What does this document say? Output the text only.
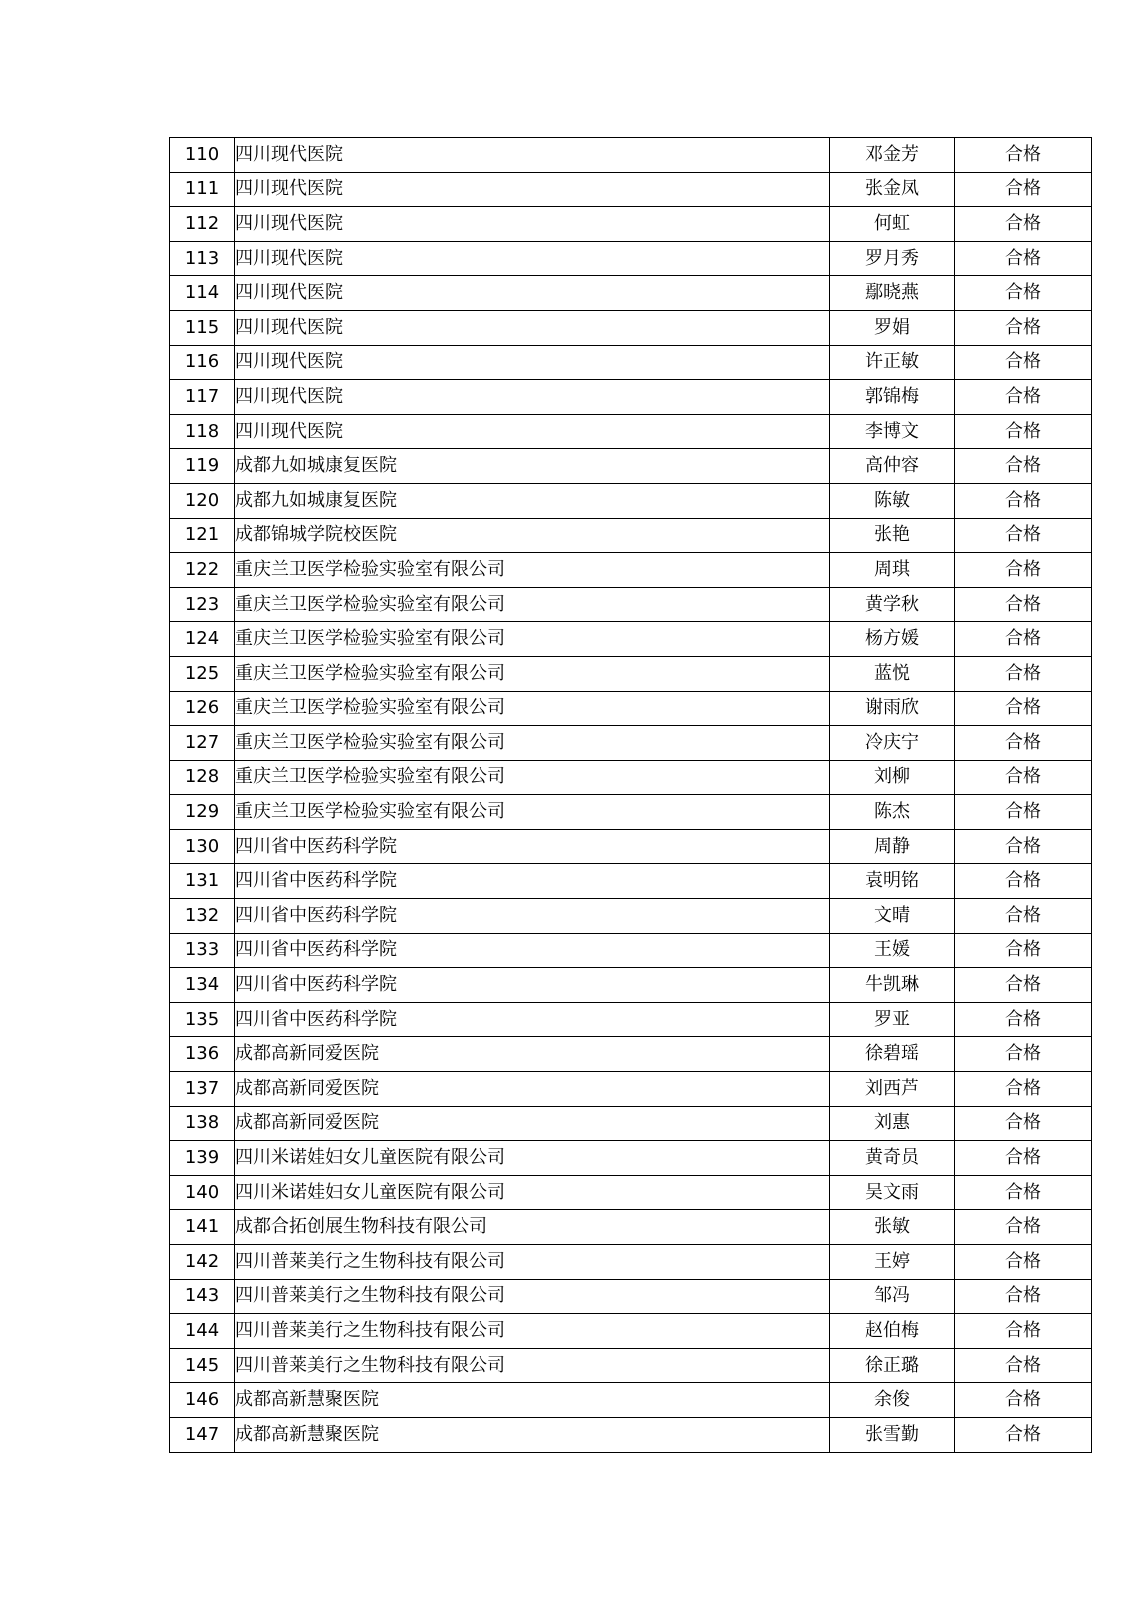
110	四川现代医院	邓金芳	合格
111	四川现代医院	张金凤	合格
112	四川现代医院	何虹	合格
113	四川现代医院	罗月秀	合格
114	四川现代医院	鄢晓燕	合格
115	四川现代医院	罗娟	合格
116	四川现代医院	许正敏	合格
117	四川现代医院	郭锦梅	合格
118	四川现代医院	李博文	合格
119	成都九如城康复医院	高仲容	合格
120	成都九如城康复医院	陈敏	合格
121	成都锦城学院校医院	张艳	合格
122	重庆兰卫医学检验实验室有限公司	周琪	合格
123	重庆兰卫医学检验实验室有限公司	黄学秋	合格
124	重庆兰卫医学检验实验室有限公司	杨方媛	合格
125	重庆兰卫医学检验实验室有限公司	蓝悦	合格
126	重庆兰卫医学检验实验室有限公司	谢雨欣	合格
127	重庆兰卫医学检验实验室有限公司	冷庆宁	合格
128	重庆兰卫医学检验实验室有限公司	刘柳	合格
129	重庆兰卫医学检验实验室有限公司	陈杰	合格
130	四川省中医药科学院	周静	合格
131	四川省中医药科学院	袁明铭	合格
132	四川省中医药科学院	文晴	合格
133	四川省中医药科学院	王媛	合格
134	四川省中医药科学院	牛凯琳	合格
135	四川省中医药科学院	罗亚	合格
136	成都高新同爱医院	徐碧瑶	合格
137	成都高新同爱医院	刘西芦	合格
138	成都高新同爱医院	刘惠	合格
139	四川米诺娃妇女儿童医院有限公司	黄奇员	合格
140	四川米诺娃妇女儿童医院有限公司	吴文雨	合格
141	成都合拓创展生物科技有限公司	张敏	合格
142	四川普莱美行之生物科技有限公司	王婷	合格
143	四川普莱美行之生物科技有限公司	邹冯	合格
144	四川普莱美行之生物科技有限公司	赵伯梅	合格
145	四川普莱美行之生物科技有限公司	徐正璐	合格
146	成都高新慧聚医院	余俊	合格
147	成都高新慧聚医院	张雪勤	合格
